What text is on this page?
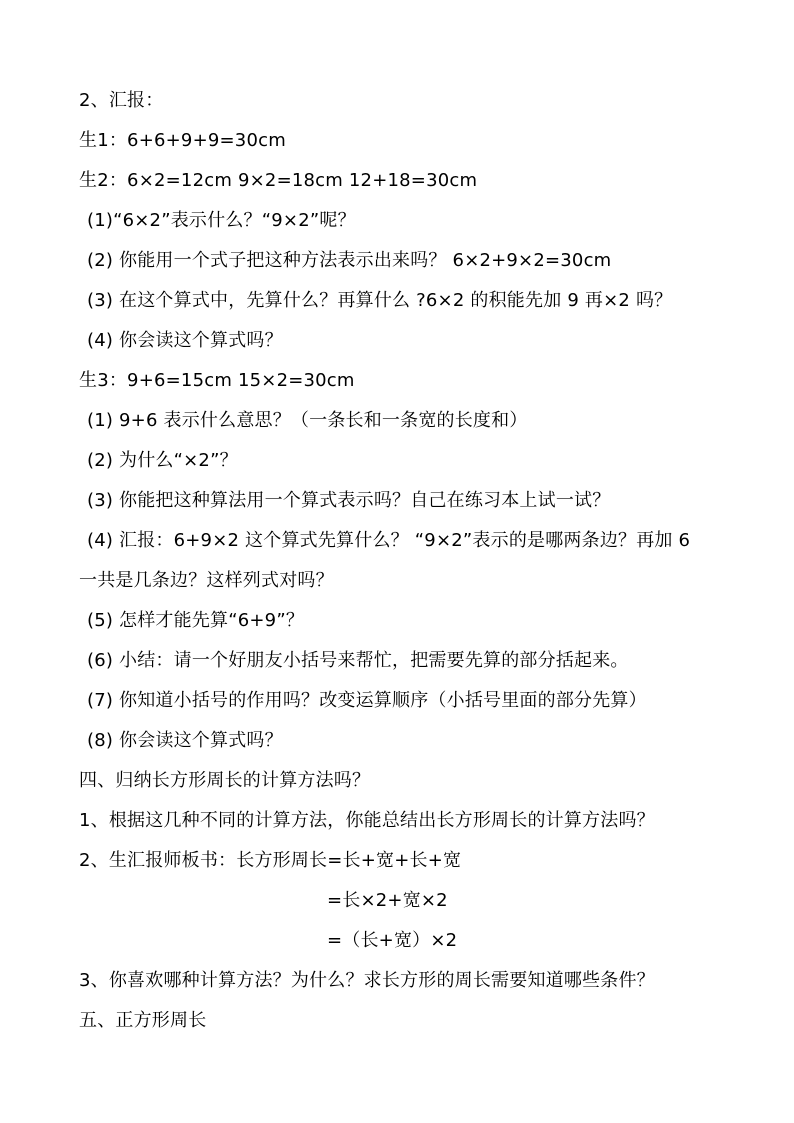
2、汇报：
生1：6+6+9+9=30cm
生2：6×2=12cm 9×2=18cm 12+18=30cm
(1)“6×2”表示什么？“9×2”呢？
(2) 你能用一个式子把这种方法表示出来吗？ 6×2+9×2=30cm
(3) 在这个算式中，先算什么？再算什么 ?6×2 的积能先加 9 再×2 吗？
(4) 你会读这个算式吗？
生3：9+6=15cm 15×2=30cm
(1) 9+6 表示什么意思？（一条长和一条宽的长度和）
(2) 为什么“×2”？
(3) 你能把这种算法用一个算式表示吗？自己在练习本上试一试？
(4) 汇报：6+9×2 这个算式先算什么？ “9×2”表示的是哪两条边？再加 6
一共是几条边？这样列式对吗？
(5) 怎样才能先算“6+9”？
(6) 小结：请一个好朋友小括号来帮忙，把需要先算的部分括起来。
(7) 你知道小括号的作用吗？改变运算顺序（小括号里面的部分先算）
(8) 你会读这个算式吗？
四、归纳长方形周长的计算方法吗？
1、根据这几种不同的计算方法，你能总结出长方形周长的计算方法吗？
2、生汇报师板书：长方形周长=长+宽+长+宽
=长×2+宽×2
=（长+宽）×2
3、你喜欢哪种计算方法？为什么？求长方形的周长需要知道哪些条件？
五、正方形周长
